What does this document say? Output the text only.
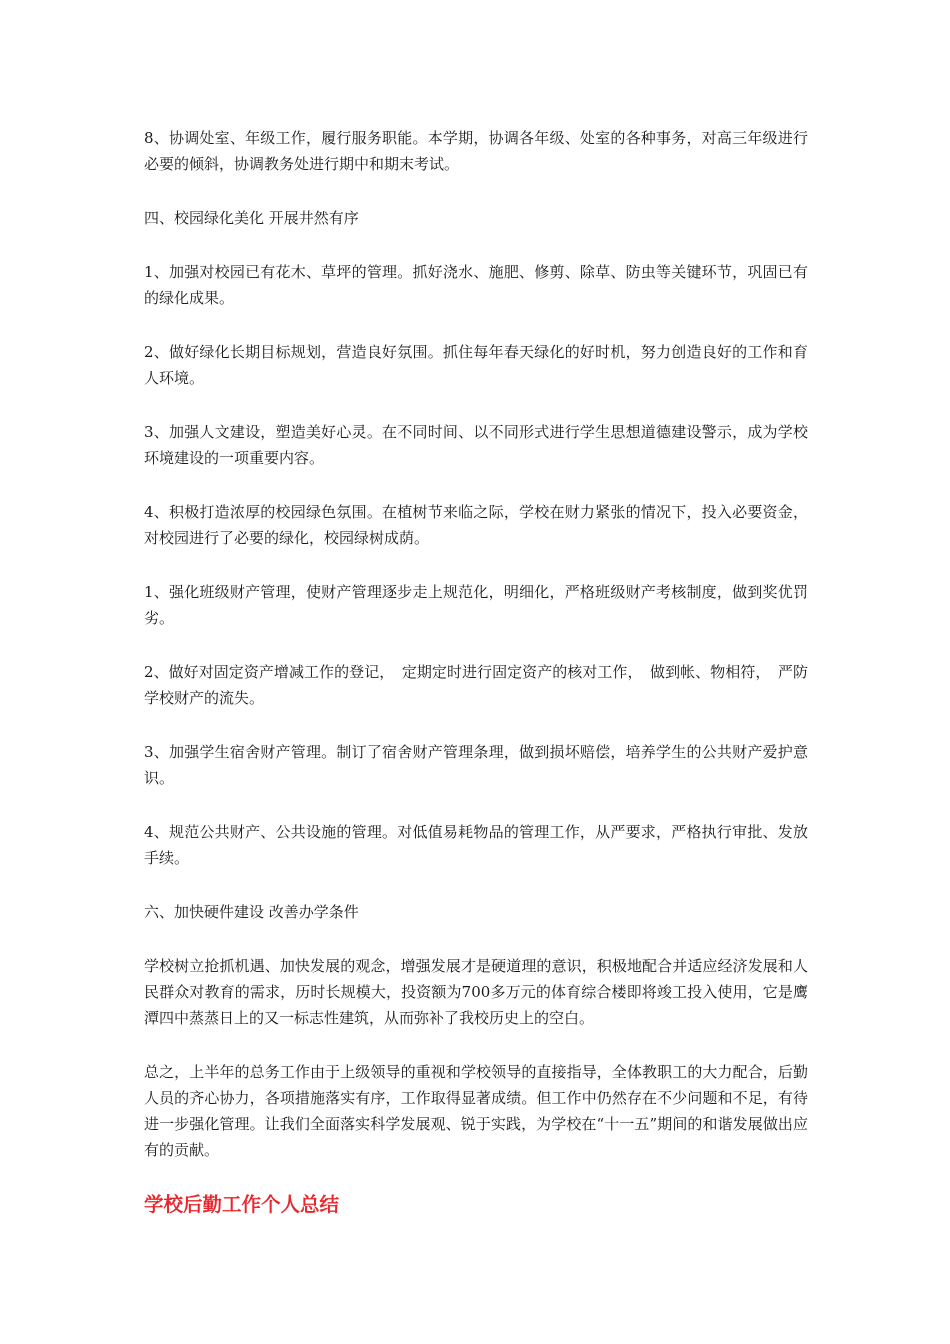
8、协调处室、年级工作，履行服务职能。本学期，协调各年级、处室的各种事务，对高三年级进行必要的倾斜，协调教务处进行期中和期末考试。

四、校园绿化美化 开展井然有序

1、加强对校园已有花木、草坪的管理。抓好浇水、施肥、修剪、除草、防虫等关键环节，巩固已有的绿化成果。

2、做好绿化长期目标规划，营造良好氛围。抓住每年春天绿化的好时机，努力创造良好的工作和育人环境。

3、加强人文建设，塑造美好心灵。在不同时间、以不同形式进行学生思想道德建设警示，成为学校环境建设的一项重要内容。

4、积极打造浓厚的校园绿色氛围。在植树节来临之际，学校在财力紧张的情况下，投入必要资金，对校园进行了必要的绿化，校园绿树成荫。

1、强化班级财产管理，使财产管理逐步走上规范化，明细化，严格班级财产考核制度，做到奖优罚劣。

2、做好对固定资产增减工作的登记，　定期定时进行固定资产的核对工作，　做到帐、物相符，　严防学校财产的流失。

3、加强学生宿舍财产管理。制订了宿舍财产管理条理，做到损坏赔偿，培养学生的公共财产爱护意识。

4、规范公共财产、公共设施的管理。对低值易耗物品的管理工作，从严要求，严格执行审批、发放手续。

六、加快硬件建设 改善办学条件

学校树立抢抓机遇、加快发展的观念，增强发展才是硬道理的意识，积极地配合并适应经济发展和人民群众对教育的需求，历时长规模大，投资额为700多万元的体育综合楼即将竣工投入使用，它是鹰潭四中蒸蒸日上的又一标志性建筑，从而弥补了我校历史上的空白。

总之，上半年的总务工作由于上级领导的重视和学校领导的直接指导，全体教职工的大力配合，后勤人员的齐心协力，各项措施落实有序，工作取得显著成绩。但工作中仍然存在不少问题和不足，有待进一步强化管理。让我们全面落实科学发展观、锐于实践，为学校在“十一五”期间的和谐发展做出应有的贡献。

学校后勤工作个人总结
